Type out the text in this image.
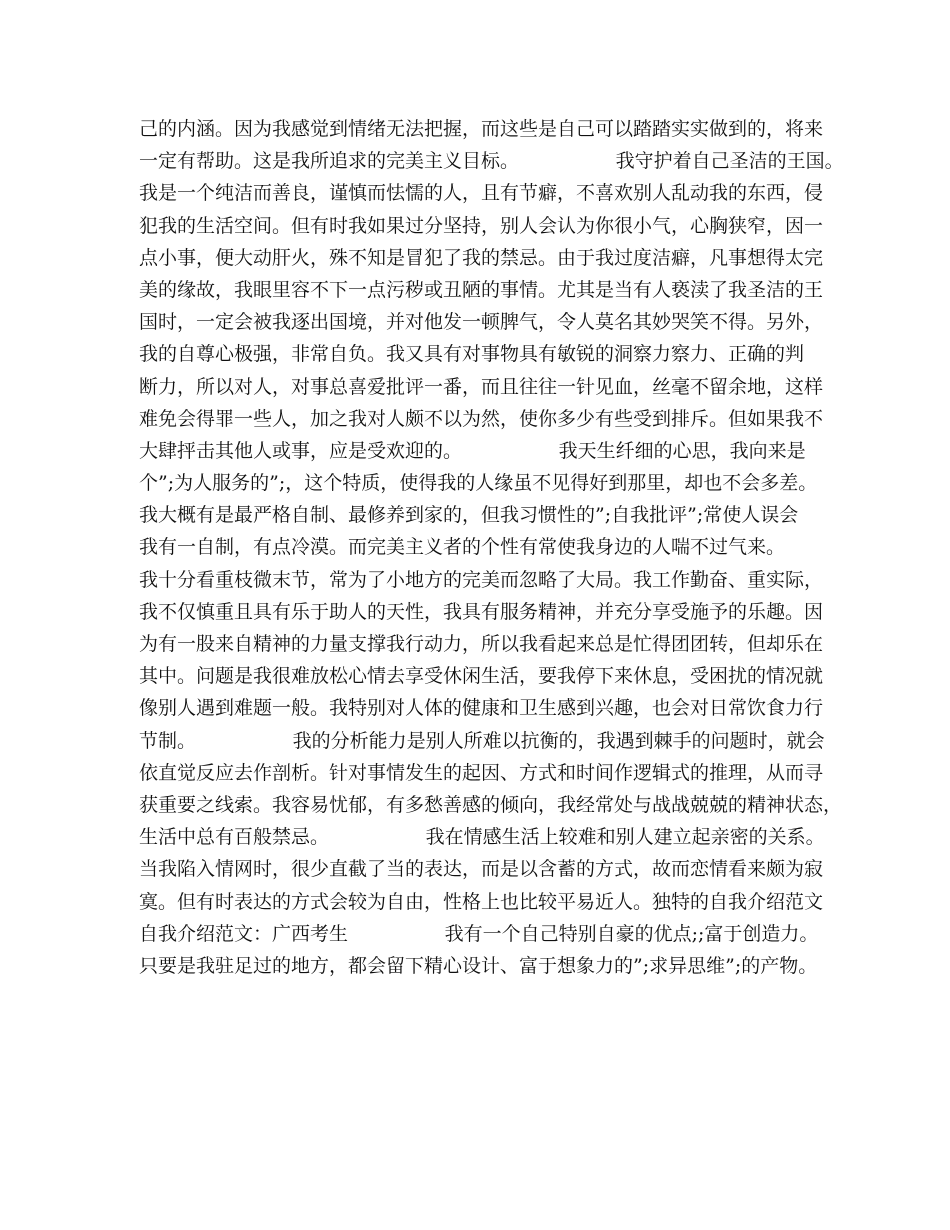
己的内涵。因为我感觉到情绪无法把握，而这些是自己可以踏踏实实做到的，将来
一定有帮助。这是我所追求的完美主义目标。                我守护着自己圣洁的王国。
我是一个纯洁而善良，谨慎而怯懦的人，且有节癖，不喜欢别人乱动我的东西，侵
犯我的生活空间。但有时我如果过分坚持，别人会认为你很小气，心胸狭窄，因一
点小事，便大动肝火，殊不知是冒犯了我的禁忌。由于我过度洁癖，凡事想得太完
美的缘故，我眼里容不下一点污秽或丑陋的事情。尤其是当有人亵渎了我圣洁的王
国时，一定会被我逐出国境，并对他发一顿脾气，令人莫名其妙哭笑不得。另外，
我的自尊心极强，非常自负。我又具有对事物具有敏锐的洞察力察力、正确的判
断力，所以对人，对事总喜爱批评一番，而且往往一针见血，丝毫不留余地，这样
难免会得罪一些人，加之我对人颇不以为然，使你多少有些受到排斥。但如果我不
大肆抨击其他人或事，应是受欢迎的。                我天生纤细的心思，我向来是
个”;为人服务的”;，这个特质，使得我的人缘虽不见得好到那里，却也不会多差。
我大概有是最严格自制、最修养到家的，但我习惯性的”;自我批评”;常使人误会
我有一自制，有点冷漠。而完美主义者的个性有常使我身边的人喘不过气来。
我十分看重枝微末节，常为了小地方的完美而忽略了大局。我工作勤奋、重实际，
我不仅慎重且具有乐于助人的天性，我具有服务精神，并充分享受施予的乐趣。因
为有一股来自精神的力量支撑我行动力，所以我看起来总是忙得团团转，但却乐在
其中。问题是我很难放松心情去享受休闲生活，要我停下来休息，受困扰的情况就
像别人遇到难题一般。我特别对人体的健康和卫生感到兴趣，也会对日常饮食力行
节制。                我的分析能力是别人所难以抗衡的，我遇到棘手的问题时，就会
依直觉反应去作剖析。针对事情发生的起因、方式和时间作逻辑式的推理，从而寻
获重要之线索。我容易忧郁，有多愁善感的倾向，我经常处与战战兢兢的精神状态，
生活中总有百般禁忌。                我在情感生活上较难和别人建立起亲密的关系。
当我陷入情网时，很少直截了当的表达，而是以含蓄的方式，故而恋情看来颇为寂
寞。但有时表达的方式会较为自由，性格上也比较平易近人。独特的自我介绍范文
自我介绍范文：广西考生                我有一个自己特别自豪的优点;;富于创造力。
只要是我驻足过的地方，都会留下精心设计、富于想象力的”;求异思维”;的产物。
